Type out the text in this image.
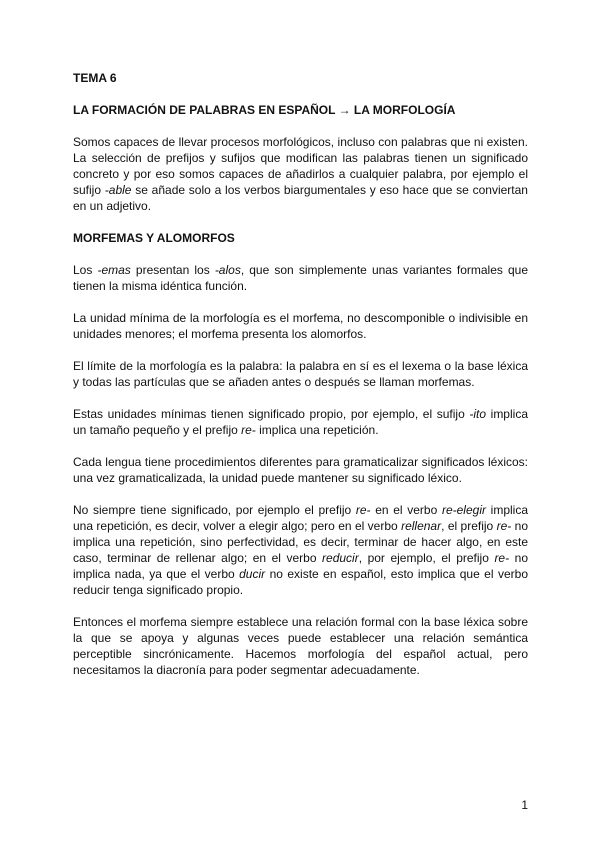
TEMA 6
LA FORMACIÓN DE PALABRAS EN ESPAÑOL → LA MORFOLOGÍA

Somos capaces de llevar procesos morfológicos, incluso con palabras que ni existen. La selección de prefijos y sufijos que modifican las palabras tienen un significado concreto y por eso somos capaces de añadirlos a cualquier palabra, por ejemplo el sufijo -able se añade solo a los verbos biargumentales y eso hace que se conviertan en un adjetivo.

MORFEMAS Y ALOMORFOS

Los -emas presentan los -alos, que son simplemente unas variantes formales que tienen la misma idéntica función.

La unidad mínima de la morfología es el morfema, no descomponible o indivisible en unidades menores; el morfema presenta los alomorfos.

El límite de la morfología es la palabra: la palabra en sí es el lexema o la base léxica y todas las partículas que se añaden antes o después se llaman morfemas.

Estas unidades mínimas tienen significado propio, por ejemplo, el sufijo -ito implica un tamaño pequeño y el prefijo re- implica una repetición.

Cada lengua tiene procedimientos diferentes para gramaticalizar significados léxicos: una vez gramaticalizada, la unidad puede mantener su significado léxico.

No siempre tiene significado, por ejemplo el prefijo re- en el verbo re-elegir implica una repetición, es decir, volver a elegir algo; pero en el verbo rellenar, el prefijo re- no implica una repetición, sino perfectividad, es decir, terminar de hacer algo, en este caso, terminar de rellenar algo; en el verbo reducir, por ejemplo, el prefijo re- no implica nada, ya que el verbo ducir no existe en español, esto implica que el verbo reducir tenga significado propio.

Entonces el morfema siempre establece una relación formal con la base léxica sobre la que se apoya y algunas veces puede establecer una relación semántica perceptible sincrónicamente. Hacemos morfología del español actual, pero necesitamos la diacronía para poder segmentar adecuadamente.

1
